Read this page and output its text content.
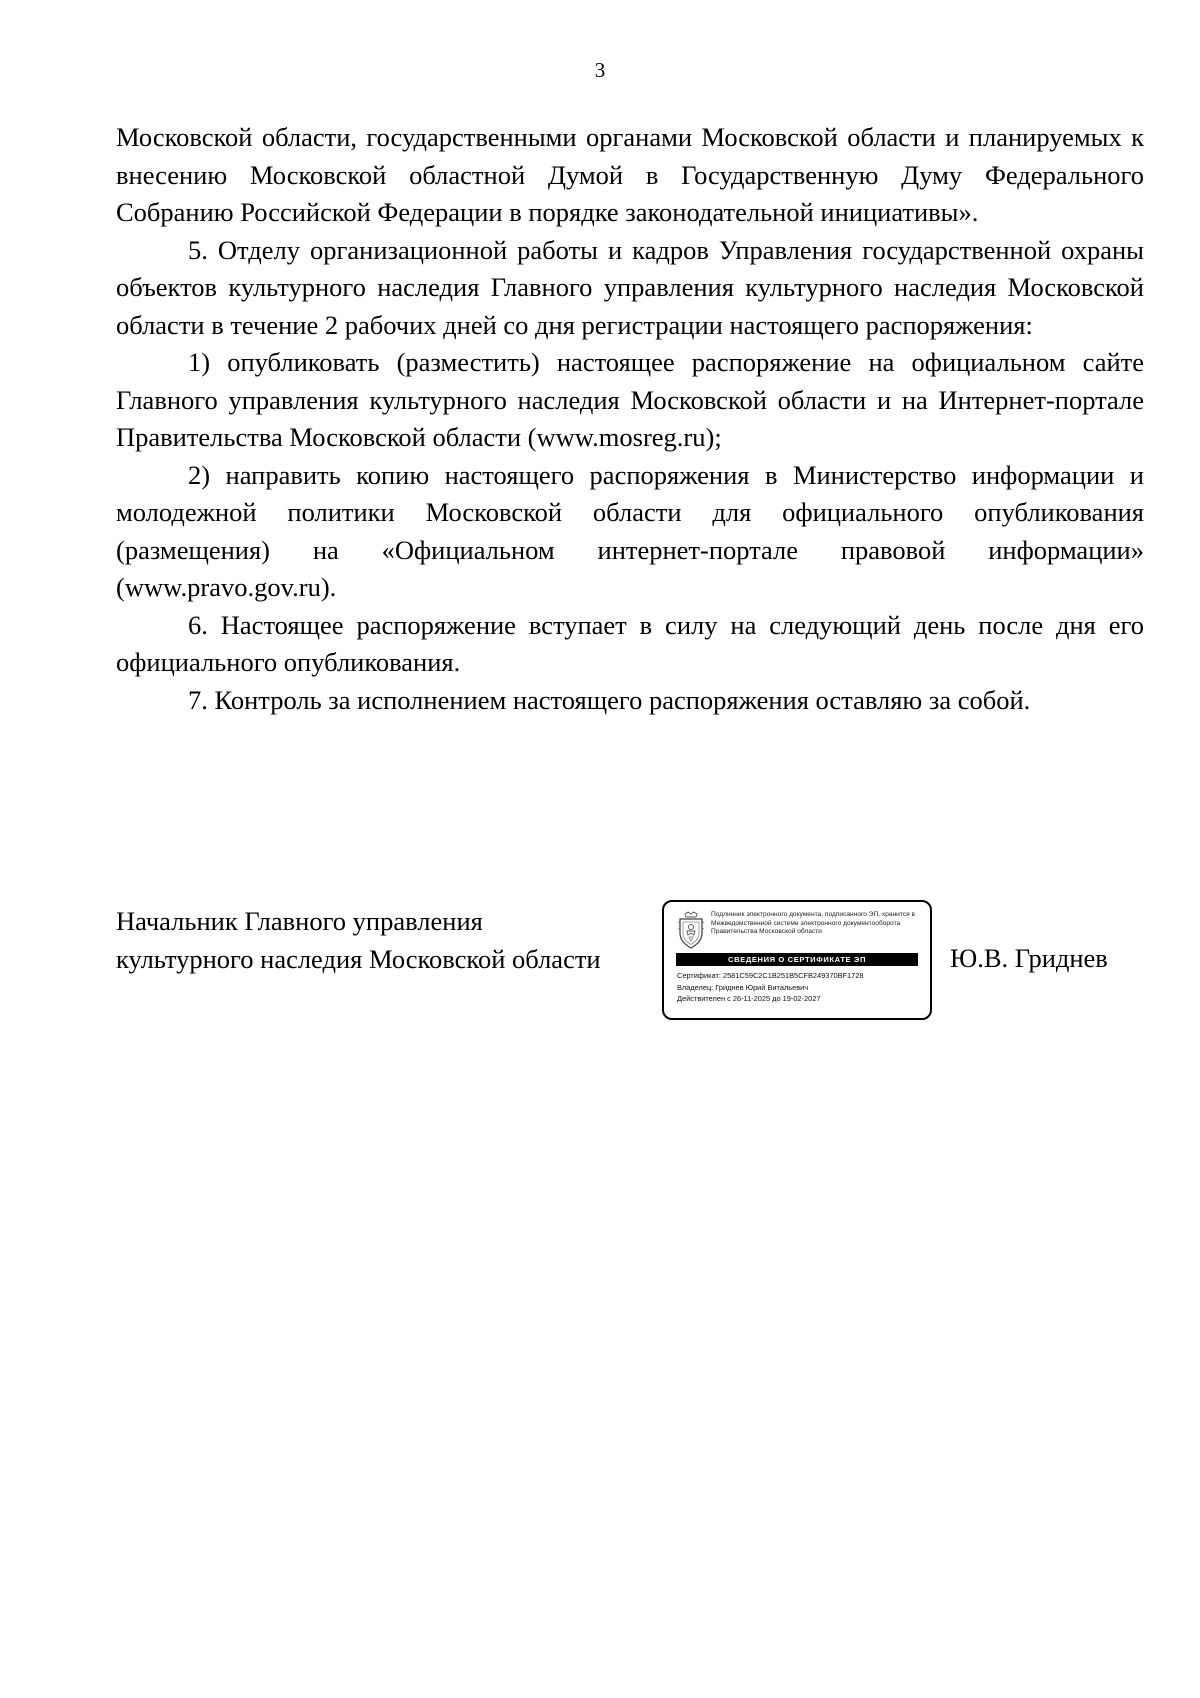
3

Московской области, государственными органами Московской области и планируемых к внесению Московской областной Думой в Государственную Думу Федерального Собранию Российской Федерации в порядке законодательной инициативы».

5. Отделу организационной работы и кадров Управления государственной охраны объектов культурного наследия Главного управления культурного наследия Московской области в течение 2 рабочих дней со дня регистрации настоящего распоряжения:

1) опубликовать (разместить) настоящее распоряжение на официальном сайте Главного управления культурного наследия Московской области и на Интернет-портале Правительства Московской области (www.mosreg.ru);

2) направить копию настоящего распоряжения в Министерство информации и молодежной политики Московской области для официального опубликования (размещения) на «Официальном интернет-портале правовой информации» (www.pravo.gov.ru).

6. Настоящее распоряжение вступает в силу на следующий день после дня его официального опубликования.

7. Контроль за исполнением настоящего распоряжения оставляю за собой.

Начальник Главного управления
культурного наследия Московской области
Подлинник электронного документа, подписанного ЭП, хранится в Межведомственной системе электронного документооборота Правительства Московской области
СВЕДЕНИЯ О СЕРТИФИКАТЕ ЭП
Сертификат: 2581C59C2C1B251B5CFB249370BF1728
Владелец: Гриднев Юрий Витальевич
Действителен с 26-11-2025 до 19-02-2027
Ю.В. Гриднев
